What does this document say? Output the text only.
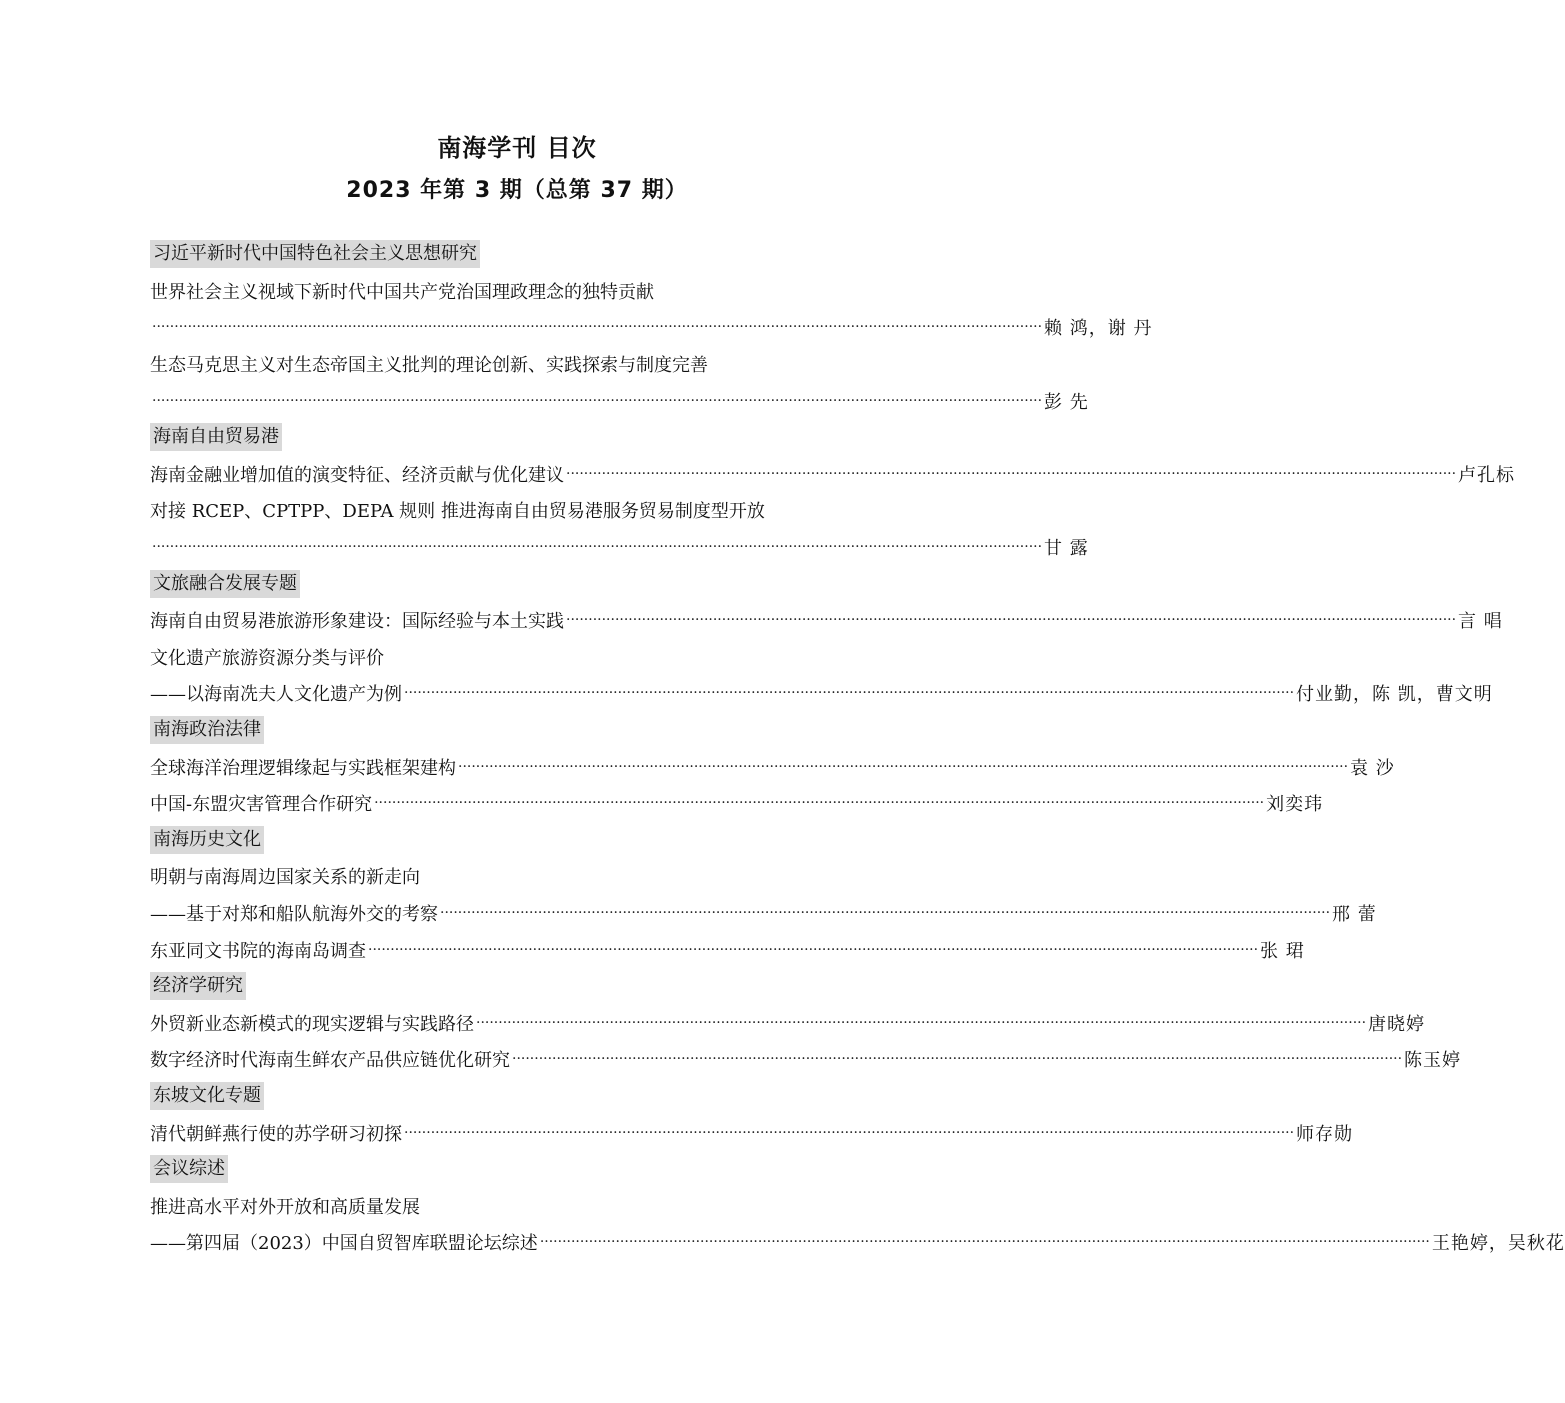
南海学刊 目次
2023 年第 3 期（总第 37 期）
习近平新时代中国特色社会主义思想研究
世界社会主义视域下新时代中国共产党治国理政理念的独特贡献
········································································································································································································ 赖 鸿，谢 丹
生态马克思主义对生态帝国主义批判的理论创新、实践探索与制度完善
········································································································································································································ 彭 先
海南自由贸易港
海南金融业增加值的演变特征、经济贡献与优化建议 ········································································································································································································ 卢孔标
对接 RCEP、CPTPP、DEPA 规则 推进海南自由贸易港服务贸易制度型开放
········································································································································································································ 甘 露
文旅融合发展专题
海南自由贸易港旅游形象建设：国际经验与本土实践 ········································································································································································································ 言 唱
文化遗产旅游资源分类与评价
——以海南冼夫人文化遗产为例 ········································································································································································································ 付业勤，陈 凯，曹文明
南海政治法律
全球海洋治理逻辑缘起与实践框架建构 ········································································································································································································ 袁 沙
中国-东盟灾害管理合作研究 ········································································································································································································ 刘奕玮
南海历史文化
明朝与南海周边国家关系的新走向
——基于对郑和船队航海外交的考察 ········································································································································································································ 邢 蕾
东亚同文书院的海南岛调查 ········································································································································································································ 张 珺
经济学研究
外贸新业态新模式的现实逻辑与实践路径 ········································································································································································································ 唐晓婷
数字经济时代海南生鲜农产品供应链优化研究 ········································································································································································································ 陈玉婷
东坡文化专题
清代朝鲜燕行使的苏学研习初探 ········································································································································································································ 师存勋
会议综述
推进高水平对外开放和高质量发展
——第四届（2023）中国自贸智库联盟论坛综述 ········································································································································································································ 王艳婷，吴秋花
